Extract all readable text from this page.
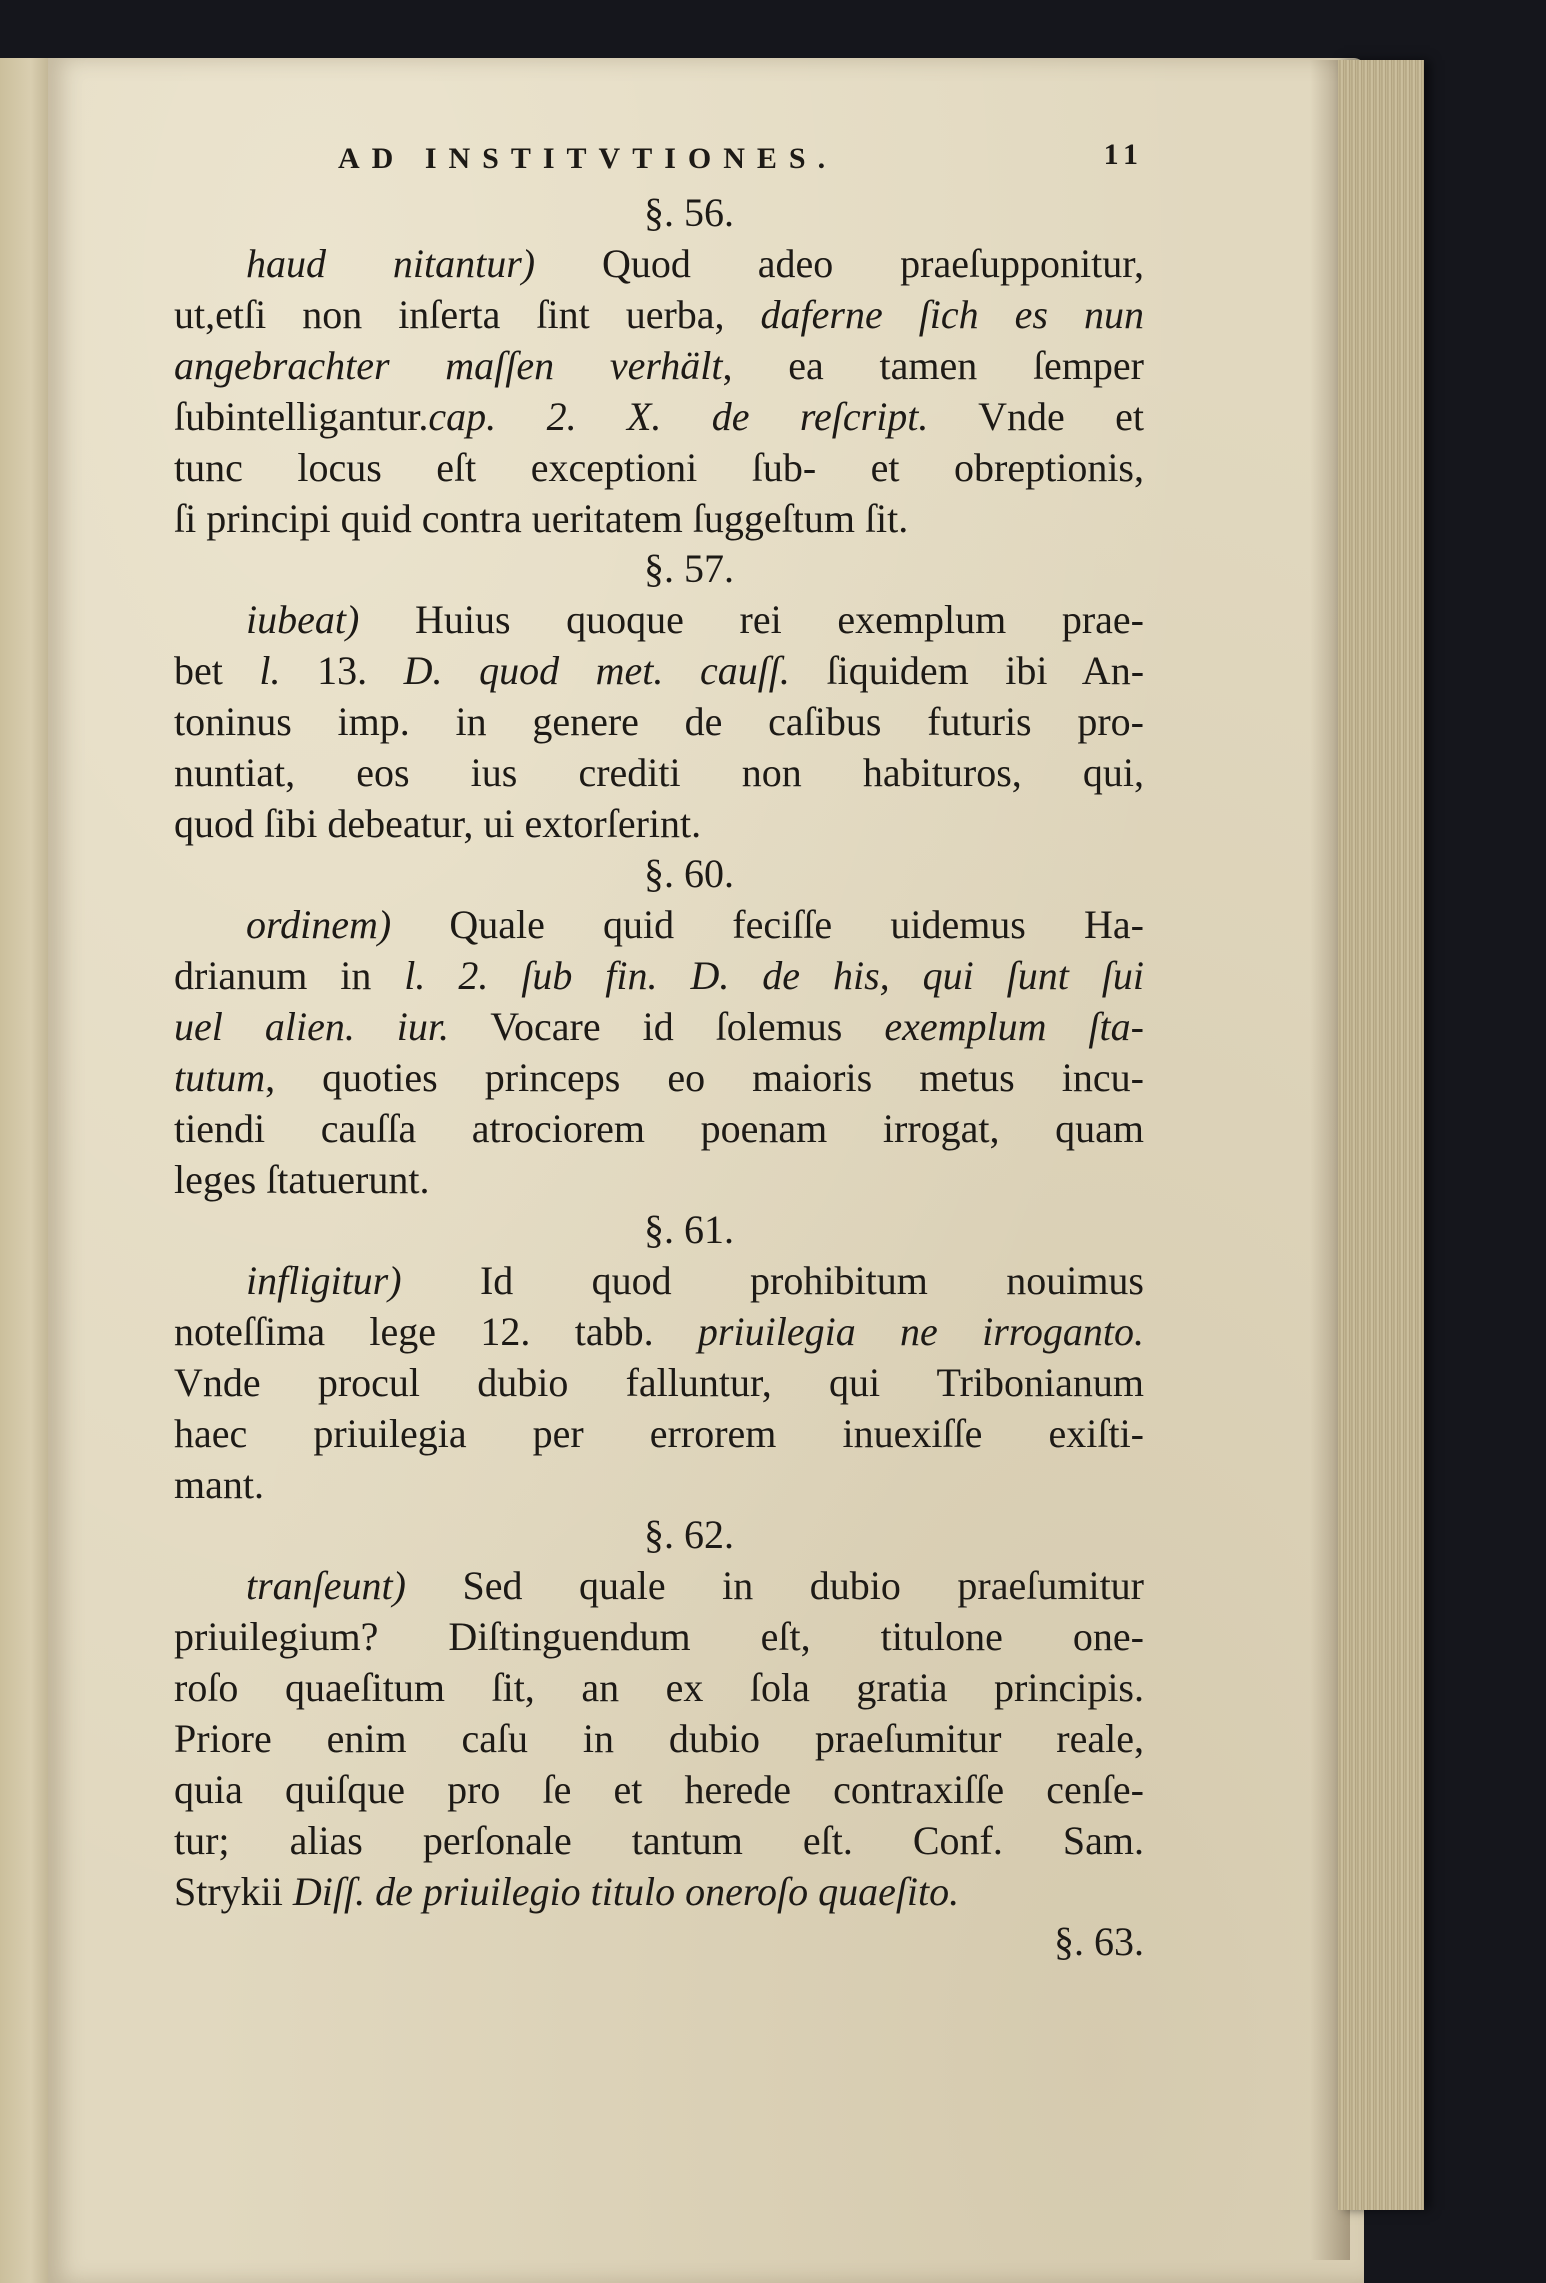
AD INSTITVTIONES.	11
§. 56.
haud nitantur) Quod adeo praeſupponitur,
ut,etſi non inſerta ſint uerba, daferne ſich es nun
angebrachter maſſen verhält, ea tamen ſemper
ſubintelligantur.cap. 2. X. de reſcript. Vnde et
tunc locus eſt exceptioni ſub- et obreptionis,
ſi principi quid contra ueritatem ſuggeſtum ſit.
§. 57.
iubeat) Huius quoque rei exemplum prae-
bet l. 13. D. quod met. cauſſ. ſiquidem ibi An-
toninus imp. in genere de caſibus futuris pro-
nuntiat, eos ius crediti non habituros, qui,
quod ſibi debeatur, ui extorſerint.
§. 60.
ordinem) Quale quid feciſſe uidemus Ha-
drianum in l. 2. ſub fin. D. de his, qui ſunt ſui
uel alien. iur. Vocare id ſolemus exemplum ſta-
tutum, quoties princeps eo maioris metus incu-
tiendi cauſſa atrociorem poenam irrogat, quam
leges ſtatuerunt.
§. 61.
infligitur) Id quod prohibitum nouimus
noteſſima lege 12. tabb. priuilegia ne irroganto.
Vnde procul dubio falluntur, qui Tribonianum
haec priuilegia per errorem inuexiſſe exiſti-
mant.
§. 62.
tranſeunt) Sed quale in dubio praeſumitur
priuilegium? Diſtinguendum eſt, titulone one-
roſo quaeſitum ſit, an ex ſola gratia principis.
Priore enim caſu in dubio praeſumitur reale,
quia quiſque pro ſe et herede contraxiſſe cenſe-
tur; alias perſonale tantum eſt. Conf. Sam.
Strykii Diſſ. de priuilegio titulo oneroſo quaeſito.
§. 63.
